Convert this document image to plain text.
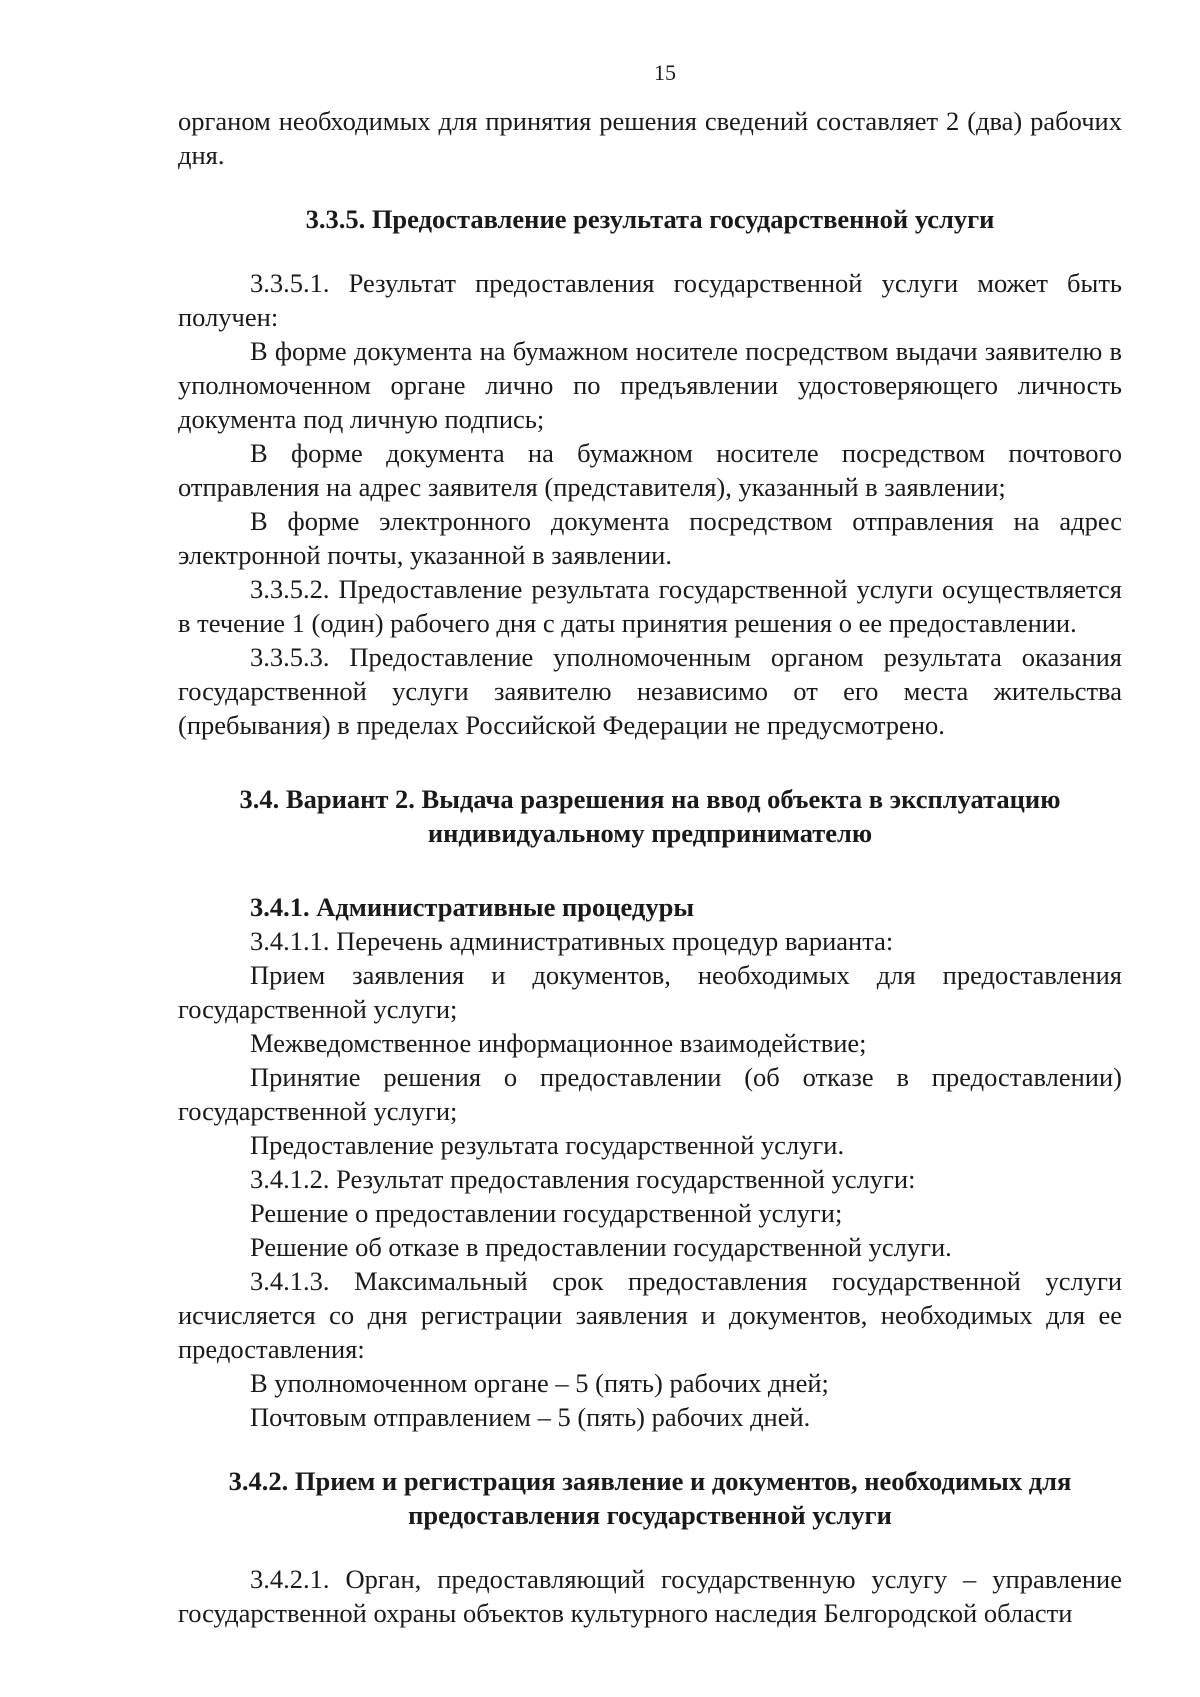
15

органом необходимых для принятия решения сведений составляет 2 (два) рабочих дня.

3.3.5. Предоставление результата государственной услуги

3.3.5.1. Результат предоставления государственной услуги может быть получен:

В форме документа на бумажном носителе посредством выдачи заявителю в уполномоченном органе лично по предъявлении удостоверяющего личность документа под личную подпись;

В форме документа на бумажном носителе посредством почтового отправления на адрес заявителя (представителя), указанный в заявлении;

В форме электронного документа посредством отправления на адрес электронной почты, указанной в заявлении.

3.3.5.2. Предоставление результата государственной услуги осуществляется в течение 1 (один) рабочего дня с даты принятия решения о ее предоставлении.

3.3.5.3. Предоставление уполномоченным органом результата оказания государственной услуги заявителю независимо от его места жительства (пребывания) в пределах Российской Федерации не предусмотрено.

3.4. Вариант 2. Выдача разрешения на ввод объекта в эксплуатацию индивидуальному предпринимателю
3.4.1. Административные процедуры

3.4.1.1. Перечень административных процедур варианта:

Прием заявления и документов, необходимых для предоставления государственной услуги;

Межведомственное информационное взаимодействие;

Принятие решения о предоставлении (об отказе в предоставлении) государственной услуги;

Предоставление результата государственной услуги.

3.4.1.2. Результат предоставления государственной услуги:

Решение о предоставлении государственной услуги;

Решение об отказе в предоставлении государственной услуги.

3.4.1.3. Максимальный срок предоставления государственной услуги исчисляется со дня регистрации заявления и документов, необходимых для ее предоставления:

В уполномоченном органе – 5 (пять) рабочих дней;

Почтовым отправлением – 5 (пять) рабочих дней.

3.4.2. Прием и регистрация заявление и документов, необходимых для предоставления государственной услуги

3.4.2.1. Орган, предоставляющий государственную услугу – управление государственной охраны объектов культурного наследия Белгородской области
